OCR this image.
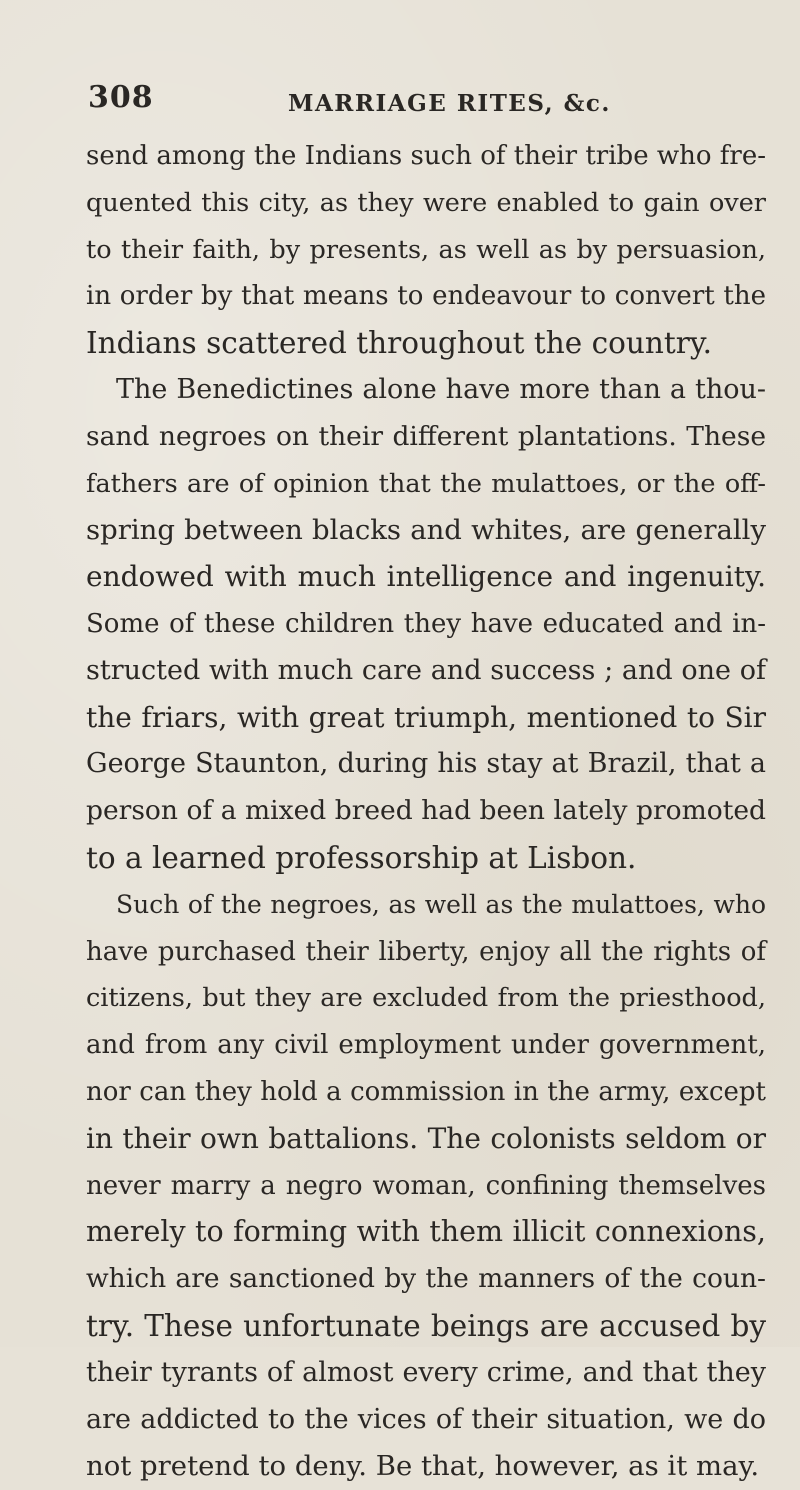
308	MARRIAGE RITES, &c.
send among the Indians such of their tribe who fre-
quented this city, as they were enabled to gain over
to their faith, by presents, as well as by persuasion,
in order by that means to endeavour to convert the
Indians scattered throughout the country.
The Benedictines alone have more than a thou-
sand negroes on their different plantations. These
fathers are of opinion that the mulattoes, or the off-
spring between blacks and whites, are generally
endowed with much intelligence and ingenuity.
Some of these children they have educated and in-
structed with much care and success ; and one of
the friars, with great triumph, mentioned to Sir
George Staunton, during his stay at Brazil, that a
person of a mixed breed had been lately promoted
to a learned professorship at Lisbon.
Such of the negroes, as well as the mulattoes, who
have purchased their liberty, enjoy all the rights of
citizens, but they are excluded from the priesthood,
and from any civil employment under government,
nor can they hold a commission in the army, except
in their own battalions. The colonists seldom or
never marry a negro woman, confining themselves
merely to forming with them illicit connexions,
which are sanctioned by the manners of the coun-
try. These unfortunate beings are accused by
their tyrants of almost every crime, and that they
are addicted to the vices of their situation, we do
not pretend to deny. Be that, however, as it may.
